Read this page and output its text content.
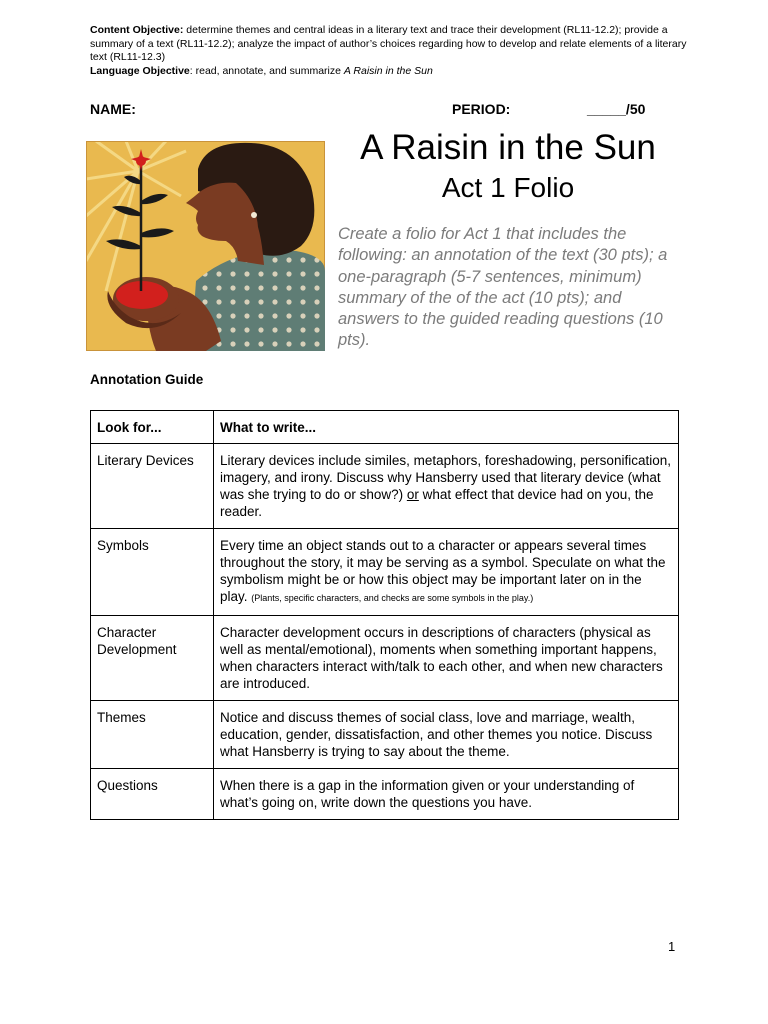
Content Objective: determine themes and central ideas in a literary text and trace their development (RL11-12.2); provide a summary of a text (RL11-12.2); analyze the impact of author’s choices regarding how to develop and relate elements of a literary text (RL11-12.3)
Language Objective: read, annotate, and summarize A Raisin in the Sun
NAME:	PERIOD:	_____/50
A Raisin in the Sun
Act 1 Folio
Create a folio for Act 1 that includes the following: an annotation of the text (30 pts); a one-paragraph (5-7 sentences, minimum) summary of the of the act (10 pts); and answers to the guided reading questions (10 pts).
Annotation Guide
Look for...	What to write...
Literary Devices	Literary devices include similes, metaphors, foreshadowing, personification, imagery, and irony. Discuss why Hansberry used that literary device (what was she trying to do or show?) or what effect that device had on you, the reader.
Symbols	Every time an object stands out to a character or appears several times throughout the story, it may be serving as a symbol. Speculate on what the symbolism might be or how this object may be important later on in the play. (Plants, specific characters, and checks are some symbols in the play.)
Character Development	Character development occurs in descriptions of characters (physical as well as mental/emotional), moments when something important happens, when characters interact with/talk to each other, and when new characters are introduced.
Themes	Notice and discuss themes of social class, love and marriage, wealth, education, gender, dissatisfaction, and other themes you notice. Discuss what Hansberry is trying to say about the theme.
Questions	When there is a gap in the information given or your understanding of what’s going on, write down the questions you have.
1
